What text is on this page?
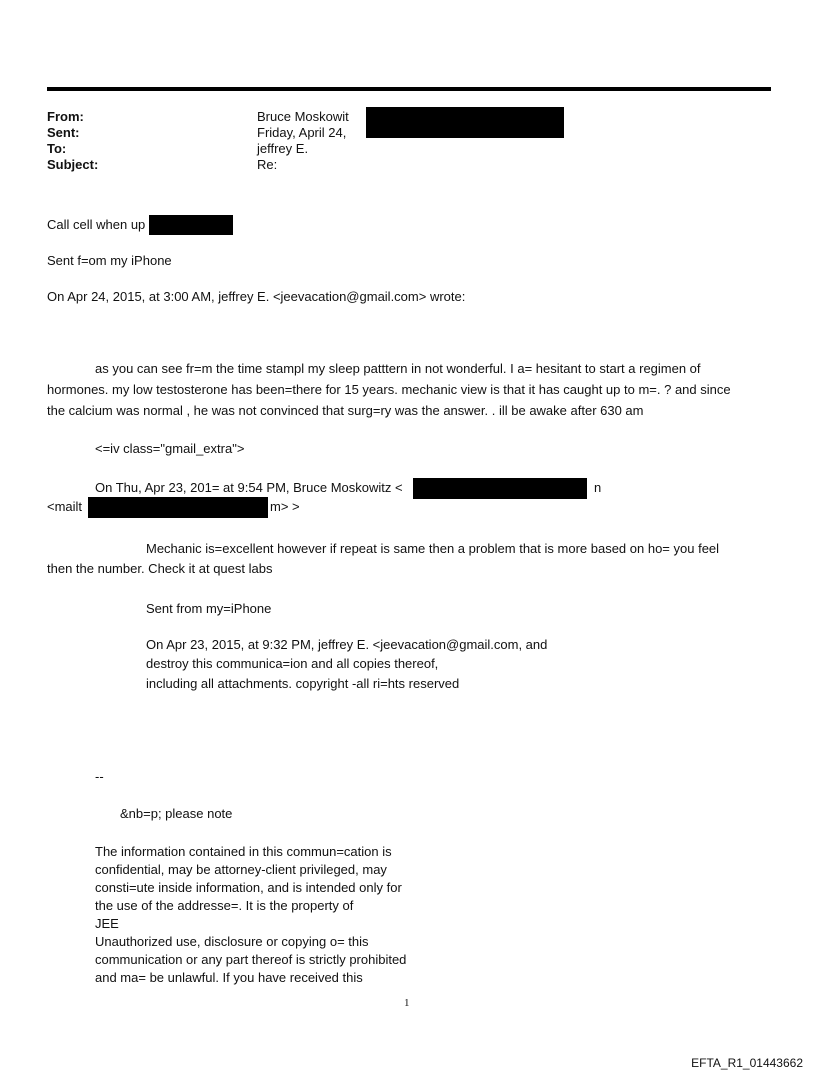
From:	Bruce Moskowit
Sent:	Friday, April 24,
To:	jeffrey E.
Subject:	Re:
Call cell when up
Sent f=om my iPhone
On Apr 24, 2015, at 3:00 AM, jeffrey E. <jeevacation@gmail.com> wrote:
as you can see fr=m the time stampl my sleep patttern in not wonderful. I a= hesitant to start a regimen of
hormones. my low testosterone has been=there for 15 years. mechanic view is that it has caught up to m=. ? and since
the calcium was normal , he was not convinced that surg=ry was the answer. . ill be awake after 630 am
<=iv class="gmail_extra">
On Thu, Apr 23, 201= at 9:54 PM, Bruce Moskowitz <	n
<mailt	m> >
Mechanic is=excellent however if repeat is same then a problem that is more based on ho= you feel
then the number. Check it at quest labs
Sent from my=iPhone
On Apr 23, 2015, at 9:32 PM, jeffrey E. <jeevacation@gmail.com, and
destroy this communica=ion and all copies thereof,
including all attachments. copyright -all ri=hts reserved
--
&nb=p; please note
The information contained in this commun=cation is
confidential, may be attorney-client privileged, may
consti=ute inside information, and is intended only for
the use of the addresse=. It is the property of
JEE
Unauthorized use, disclosure or copying o= this
communication or any part thereof is strictly prohibited
and ma= be unlawful. If you have received this
1
EFTA_R1_01443662
